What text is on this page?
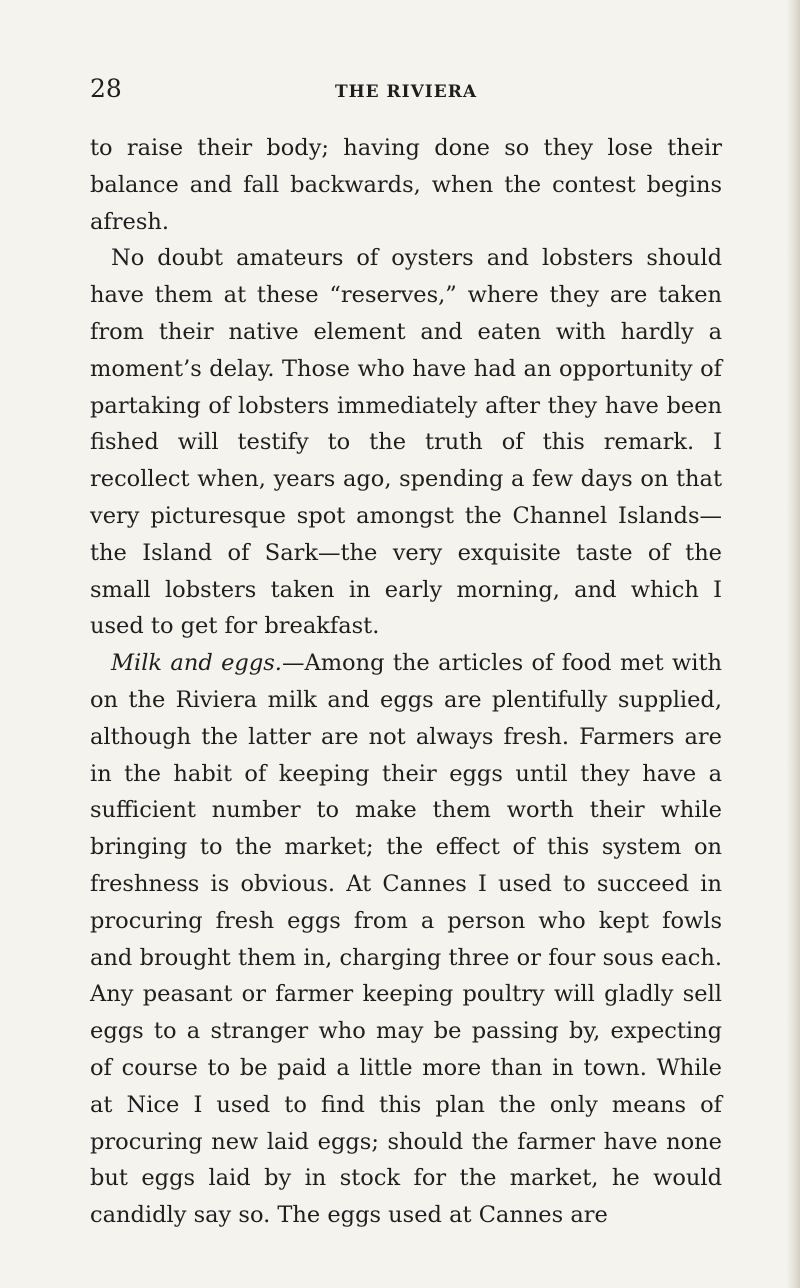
28	THE RIVIERA

to raise their body; having done so they lose their balance and fall backwards, when the contest begins afresh.

No doubt amateurs of oysters and lobsters should have them at these “reserves,” where they are taken from their native element and eaten with hardly a moment’s delay. Those who have had an opportunity of partaking of lobsters immediately after they have been fished will testify to the truth of this remark. I recollect when, years ago, spending a few days on that very picturesque spot amongst the Channel Islands—the Island of Sark—the very exquisite taste of the small lobsters taken in early morning, and which I used to get for breakfast.

Milk and eggs.—Among the articles of food met with on the Riviera milk and eggs are plentifully supplied, although the latter are not always fresh. Farmers are in the habit of keeping their eggs until they have a sufficient number to make them worth their while bringing to the market; the effect of this system on freshness is obvious. At Cannes I used to succeed in procuring fresh eggs from a person who kept fowls and brought them in, charging three or four sous each. Any peasant or farmer keeping poultry will gladly sell eggs to a stranger who may be passing by, expecting of course to be paid a little more than in town. While at Nice I used to find this plan the only means of procuring new laid eggs; should the farmer have none but eggs laid by in stock for the market, he would candidly say so. The eggs used at Cannes are
